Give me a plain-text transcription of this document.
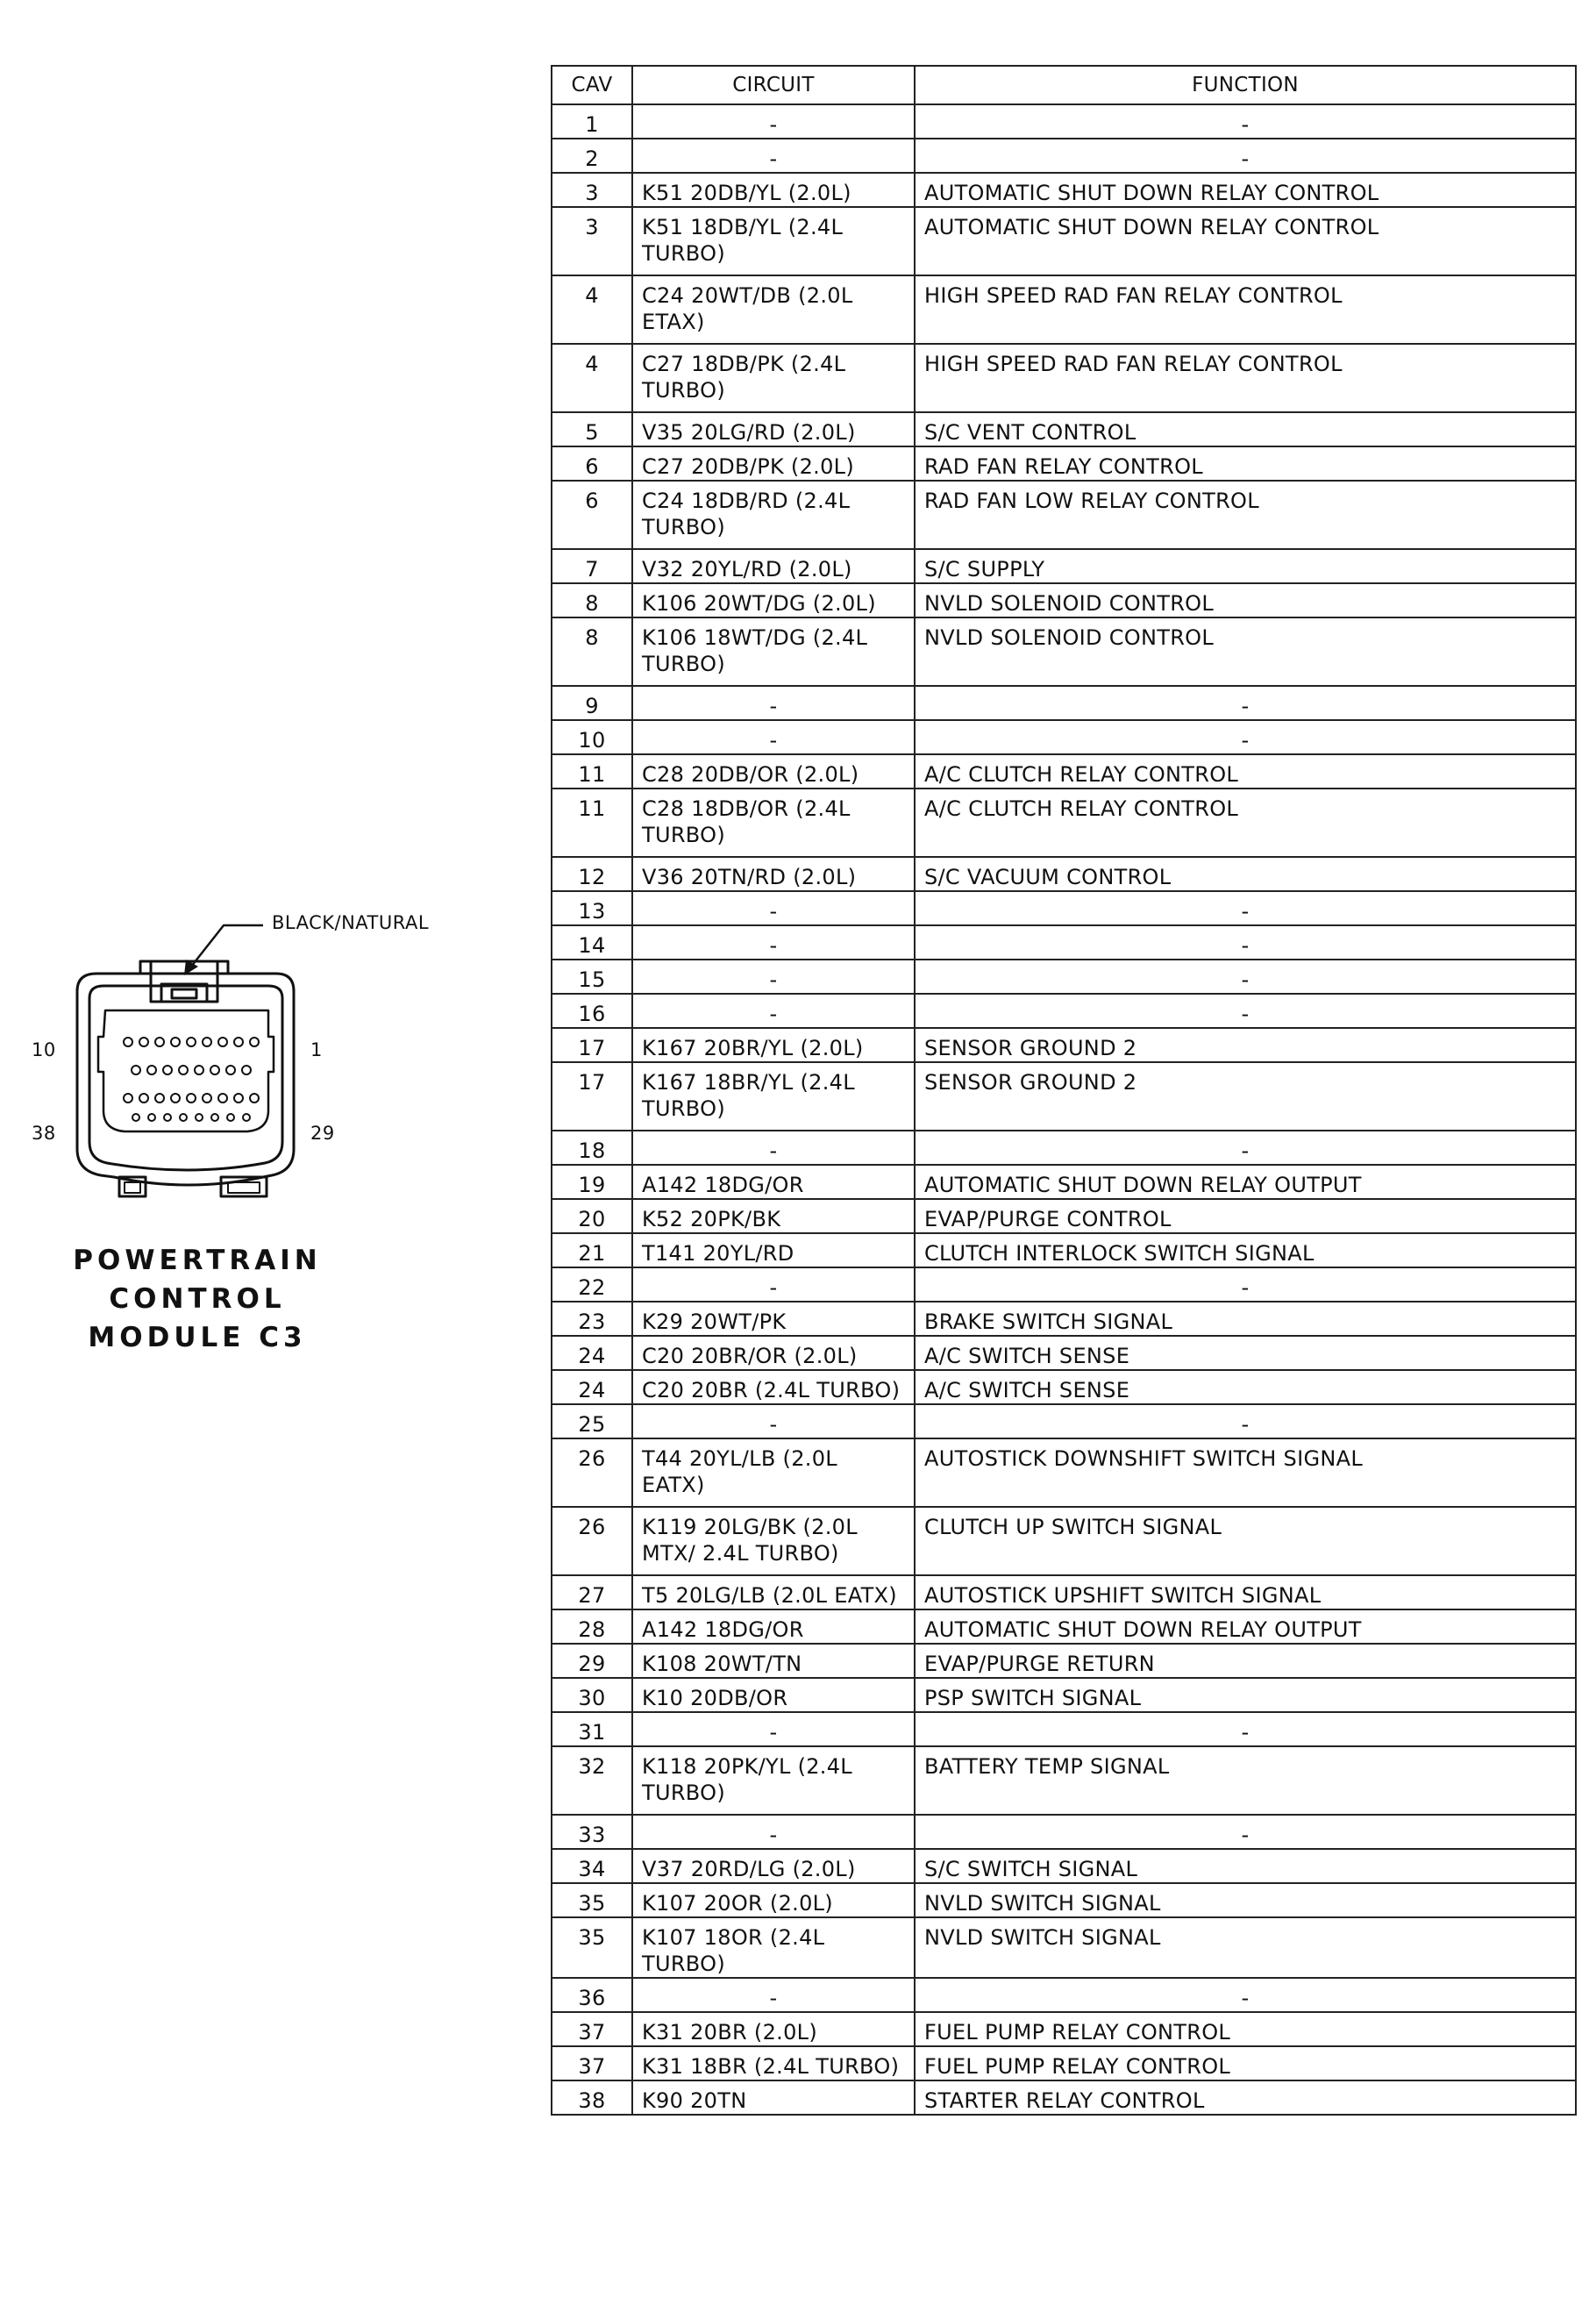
BLACK/NATURAL
10	1
38	29
POWERTRAIN
CONTROL
MODULE C3
CAV	CIRCUIT	FUNCTION
1	-	-
2	-	-
3	K51 20DB/YL (2.0L)	AUTOMATIC SHUT DOWN RELAY CONTROL
3	K51 18DB/YL (2.4L TURBO)	AUTOMATIC SHUT DOWN RELAY CONTROL
4	C24 20WT/DB (2.0L ETAX)	HIGH SPEED RAD FAN RELAY CONTROL
4	C27 18DB/PK (2.4L TURBO)	HIGH SPEED RAD FAN RELAY CONTROL
5	V35 20LG/RD (2.0L)	S/C VENT CONTROL
6	C27 20DB/PK (2.0L)	RAD FAN RELAY CONTROL
6	C24 18DB/RD (2.4L TURBO)	RAD FAN LOW RELAY CONTROL
7	V32 20YL/RD (2.0L)	S/C SUPPLY
8	K106 20WT/DG (2.0L)	NVLD SOLENOID CONTROL
8	K106 18WT/DG (2.4L TURBO)	NVLD SOLENOID CONTROL
9	-	-
10	-	-
11	C28 20DB/OR (2.0L)	A/C CLUTCH RELAY CONTROL
11	C28 18DB/OR (2.4L TURBO)	A/C CLUTCH RELAY CONTROL
12	V36 20TN/RD (2.0L)	S/C VACUUM CONTROL
13	-	-
14	-	-
15	-	-
16	-	-
17	K167 20BR/YL (2.0L)	SENSOR GROUND 2
17	K167 18BR/YL (2.4L TURBO)	SENSOR GROUND 2
18	-	-
19	A142 18DG/OR	AUTOMATIC SHUT DOWN RELAY OUTPUT
20	K52 20PK/BK	EVAP/PURGE CONTROL
21	T141 20YL/RD	CLUTCH INTERLOCK SWITCH SIGNAL
22	-	-
23	K29 20WT/PK	BRAKE SWITCH SIGNAL
24	C20 20BR/OR (2.0L)	A/C SWITCH SENSE
24	C20 20BR (2.4L TURBO)	A/C SWITCH SENSE
25	-	-
26	T44 20YL/LB (2.0L EATX)	AUTOSTICK DOWNSHIFT SWITCH SIGNAL
26	K119 20LG/BK (2.0L MTX/ 2.4L TURBO)	CLUTCH UP SWITCH SIGNAL
27	T5 20LG/LB (2.0L EATX)	AUTOSTICK UPSHIFT SWITCH SIGNAL
28	A142 18DG/OR	AUTOMATIC SHUT DOWN RELAY OUTPUT
29	K108 20WT/TN	EVAP/PURGE RETURN
30	K10 20DB/OR	PSP SWITCH SIGNAL
31	-	-
32	K118 20PK/YL (2.4L TURBO)	BATTERY TEMP SIGNAL
33	-	-
34	V37 20RD/LG (2.0L)	S/C SWITCH SIGNAL
35	K107 20OR (2.0L)	NVLD SWITCH SIGNAL
35	K107 18OR (2.4L TURBO)	NVLD SWITCH SIGNAL
36	-	-
37	K31 20BR (2.0L)	FUEL PUMP RELAY CONTROL
37	K31 18BR (2.4L TURBO)	FUEL PUMP RELAY CONTROL
38	K90 20TN	STARTER RELAY CONTROL
